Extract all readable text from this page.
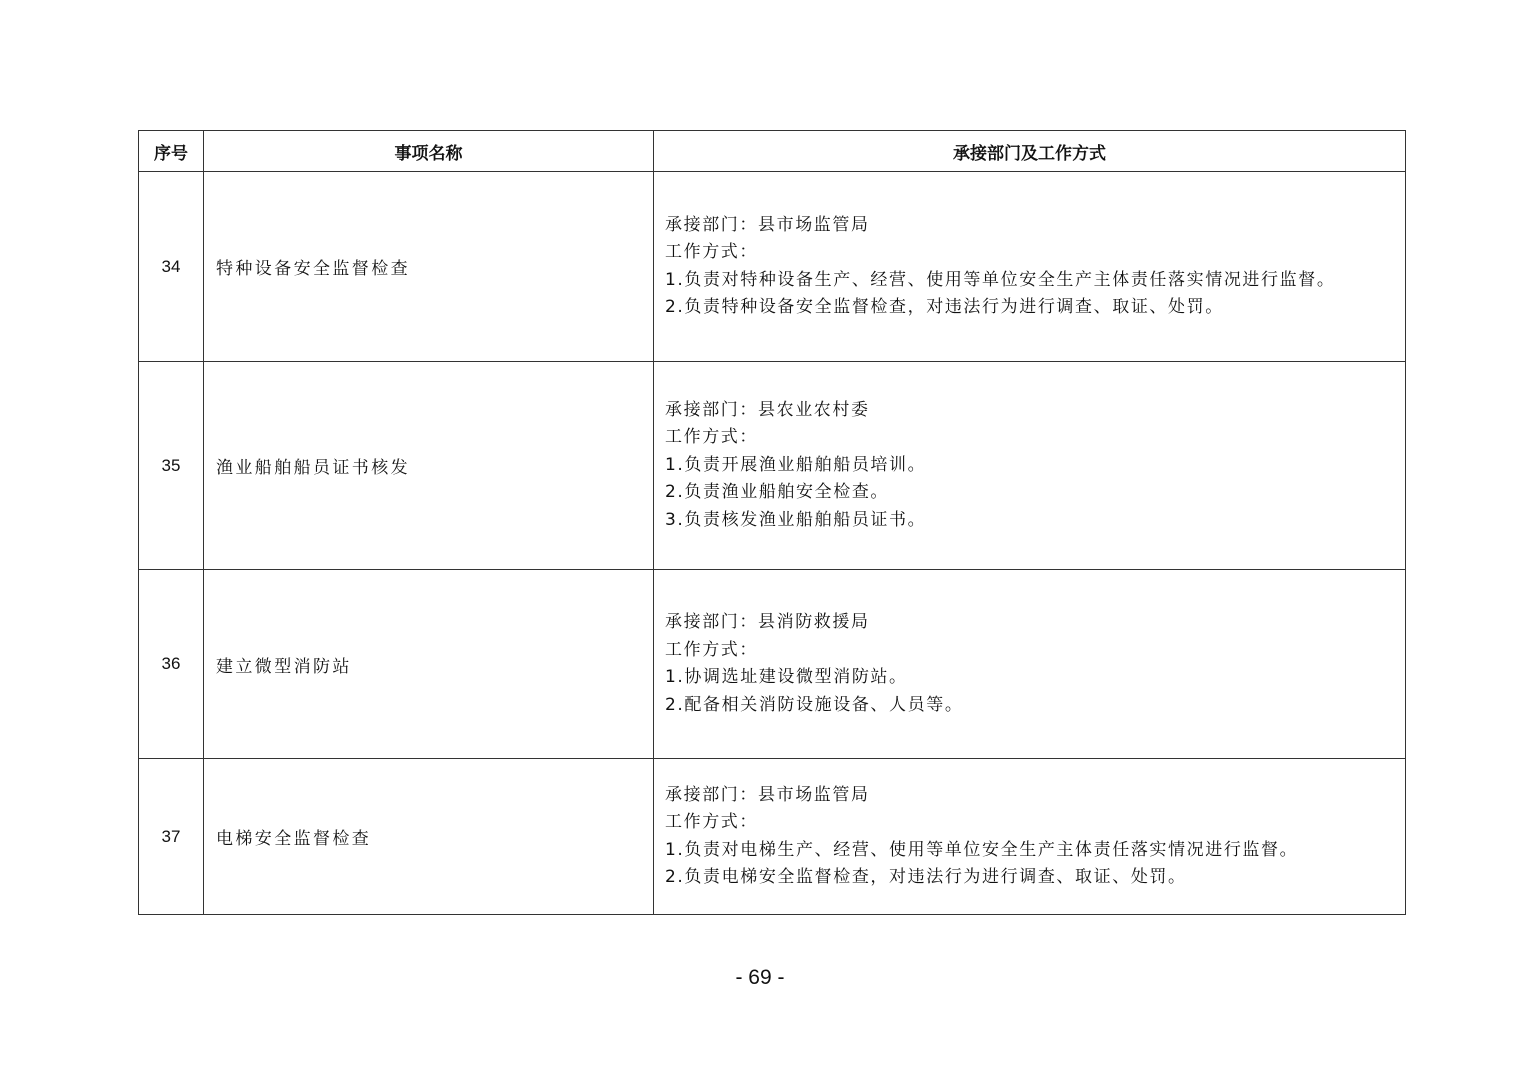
序号	事项名称	承接部门及工作方式
34	特种设备安全监督检查	承接部门：县市场监管局
工作方式：
1.负责对特种设备生产、经营、使用等单位安全生产主体责任落实情况进行监督。
2.负责特种设备安全监督检查，对违法行为进行调查、取证、处罚。

35	渔业船舶船员证书核发	承接部门：县农业农村委
工作方式：
1.负责开展渔业船舶船员培训。
2.负责渔业船舶安全检查。
3.负责核发渔业船舶船员证书。

36	建立微型消防站	承接部门：县消防救援局
工作方式：
1.协调选址建设微型消防站。
2.配备相关消防设施设备、人员等。

37	电梯安全监督检查	承接部门：县市场监管局
工作方式：
1.负责对电梯生产、经营、使用等单位安全生产主体责任落实情况进行监督。
2.负责电梯安全监督检查，对违法行为进行调查、取证、处罚。
- 69 -
